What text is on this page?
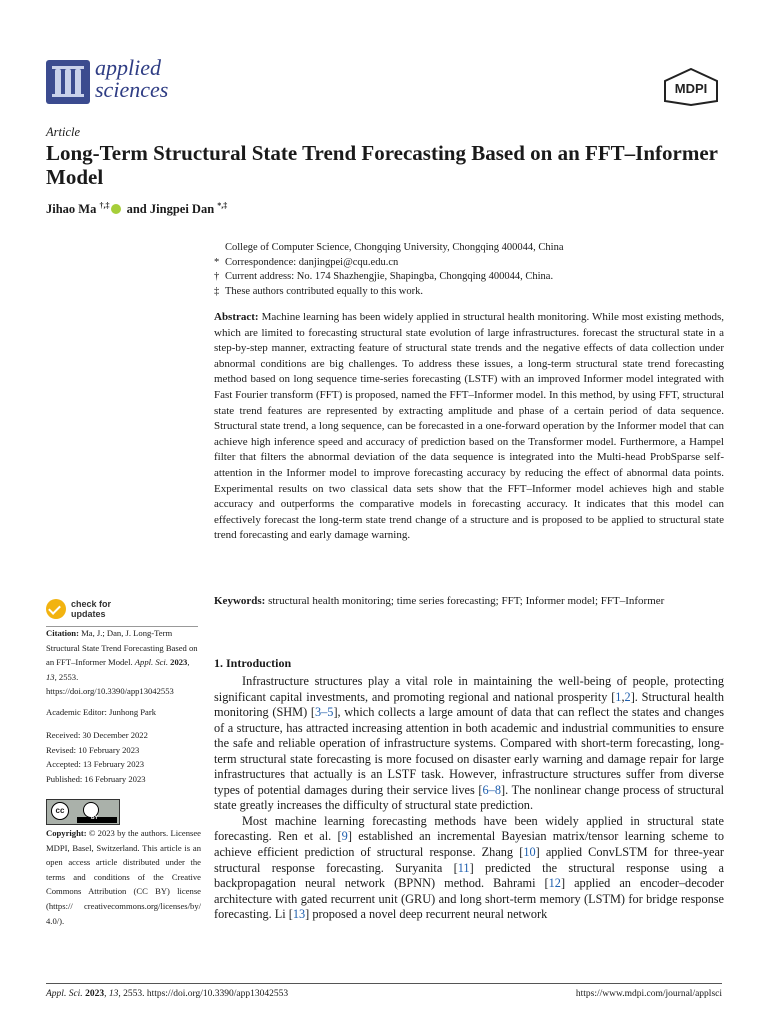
applied
sciences	MDPI
Article
Long-Term Structural State Trend Forecasting Based on an FFT–Informer Model
Jihao Ma †,‡ and Jingpei Dan *,‡
College of Computer Science, Chongqing University, Chongqing 400044, China
* Correspondence: danjingpei@cqu.edu.cn
† Current address: No. 174 Shazhengjie, Shapingba, Chongqing 400044, China.
‡ These authors contributed equally to this work.
Abstract: Machine learning has been widely applied in structural health monitoring. While most existing methods, which are limited to forecasting structural state evolution of large infrastructures. forecast the structural state in a step-by-step manner, extracting feature of structural state trends and the negative effects of data collection under abnormal conditions are big challenges. To address these issues, a long-term structural state trend forecasting method based on long sequence time-series forecasting (LSTF) with an improved Informer model integrated with Fast Fourier transform (FFT) is proposed, named the FFT–Informer model. In this method, by using FFT, structural state trend features are represented by extracting amplitude and phase of a certain period of data sequence. Structural state trend, a long sequence, can be forecasted in a one-forward operation by the Informer model that can achieve high inference speed and accuracy of prediction based on the Transformer model. Furthermore, a Hampel filter that filters the abnormal deviation of the data sequence is integrated into the Multi-head ProbSparse self-attention in the Informer model to improve forecasting accuracy by reducing the effect of abnormal data points. Experimental results on two classical data sets show that the FFT–Informer model achieves high and stable accuracy and outperforms the comparative models in forecasting accuracy. It indicates that this model can effectively forecast the long-term state trend change of a structure and is proposed to be applied to structural state trend forecasting and early damage warning.
Keywords: structural health monitoring; time series forecasting; FFT; Informer model; FFT–Informer
check for
updates
Citation: Ma, J.; Dan, J. Long-Term Structural State Trend Forecasting Based on an FFT–Informer Model. Appl. Sci. 2023, 13, 2553. https://doi.org/10.3390/app13042553
Academic Editor: Junhong Park
Received: 30 December 2022
Revised: 10 February 2023
Accepted: 13 February 2023
Published: 16 February 2023
cc
BY
Copyright: © 2023 by the authors. Licensee MDPI, Basel, Switzerland. This article is an open access article distributed under the terms and conditions of the Creative Commons Attribution (CC BY) license (https:// creativecommons.org/licenses/by/ 4.0/).
1. Introduction

Infrastructure structures play a vital role in maintaining the well-being of people, protecting significant capital investments, and promoting regional and national prosperity [1,2]. Structural health monitoring (SHM) [3–5], which collects a large amount of data that can reflect the states and changes of a structure, has attracted increasing attention in both academic and industrial communities to ensure the safe and reliable operation of infrastructure systems. Compared with short-term forecasting, long-term structural state forecasting is more focused on disaster early warning and damage repair for large infrastructures that actually is an LSTF task. However, infrastructure structures suffer from diverse types of potential damages during their service lives [6–8]. The nonlinear change process of structural state greatly increases the difficulty of structural state prediction.

Most machine learning forecasting methods have been widely applied in structural state forecasting. Ren et al. [9] established an incremental Bayesian matrix/tensor learning scheme to achieve efficient prediction of structural response. Zhang [10] applied ConvLSTM for three-year structural response forecasting. Suryanita [11] predicted the structural response using a backpropagation neural network (BPNN) method. Bahrami [12] applied an encoder–decoder architecture with gated recurrent unit (GRU) and long short-term memory (LSTM) for bridge response forecasting. Li [13] proposed a novel deep recurrent neural network

Appl. Sci. 2023, 13, 2553. https://doi.org/10.3390/app13042553	https://www.mdpi.com/journal/applsci
